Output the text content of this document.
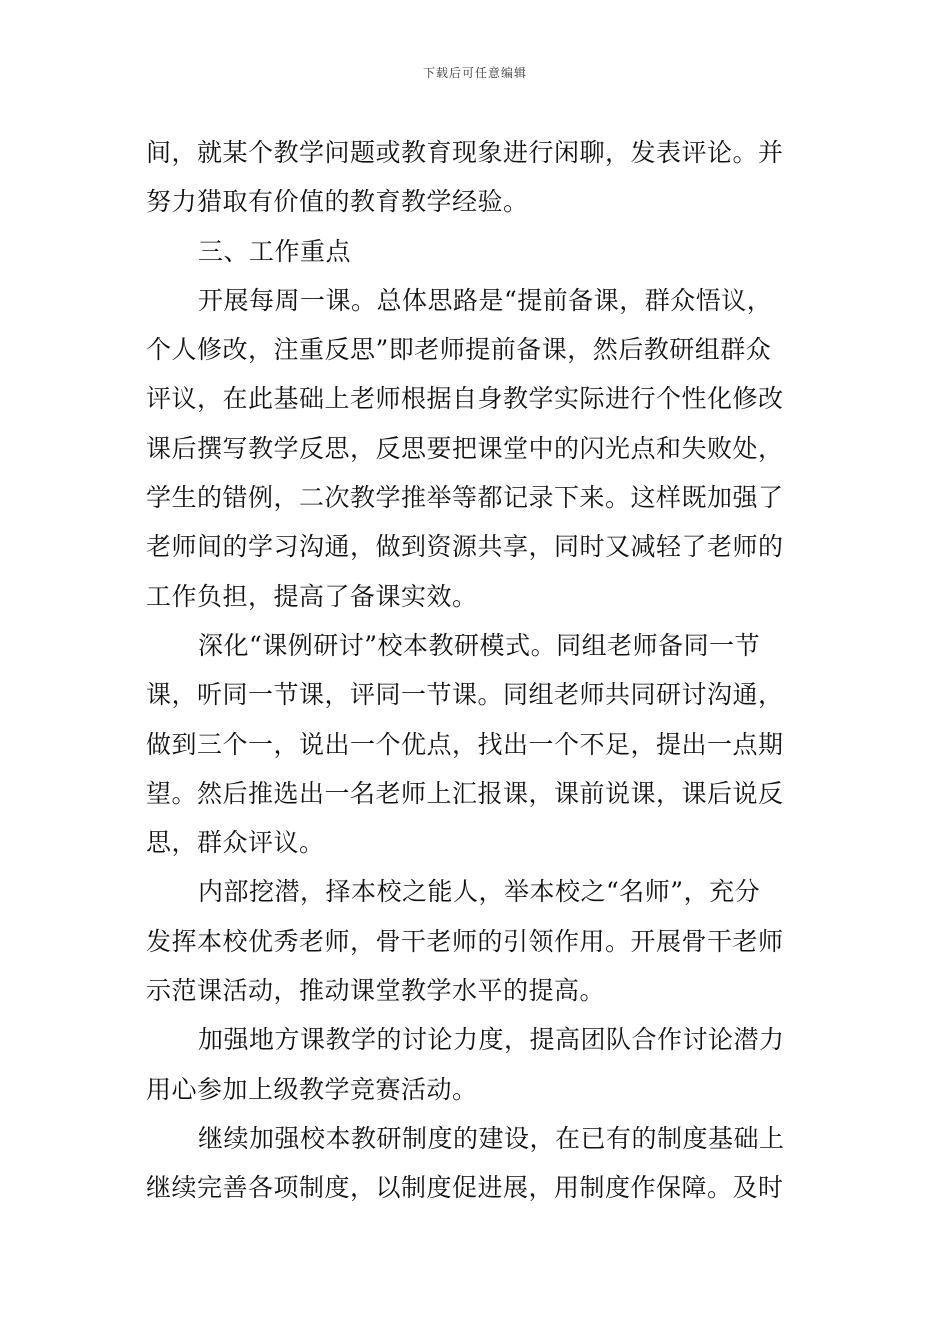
下载后可任意编辑
间，就某个教学问题或教育现象进行闲聊，发表评论。并
努力猎取有价值的教育教学经验。
三、工作重点
开展每周一课。总体思路是“提前备课，群众悟议，
个人修改，注重反思”即老师提前备课，然后教研组群众
评议，在此基础上老师根据自身教学实际进行个性化修改
课后撰写教学反思，反思要把课堂中的闪光点和失败处，
学生的错例，二次教学推举等都记录下来。这样既加强了
老师间的学习沟通，做到资源共享，同时又减轻了老师的
工作负担，提高了备课实效。
深化“课例研讨”校本教研模式。同组老师备同一节
课，听同一节课，评同一节课。同组老师共同研讨沟通，
做到三个一，说出一个优点，找出一个不足，提出一点期
望。然后推选出一名老师上汇报课，课前说课，课后说反
思，群众评议。
内部挖潜，择本校之能人，举本校之“名师”，充分
发挥本校优秀老师，骨干老师的引领作用。开展骨干老师
示范课活动，推动课堂教学水平的提高。
加强地方课教学的讨论力度，提高团队合作讨论潜力
用心参加上级教学竞赛活动。
继续加强校本教研制度的建设，在已有的制度基础上
继续完善各项制度，以制度促进展，用制度作保障。及时
